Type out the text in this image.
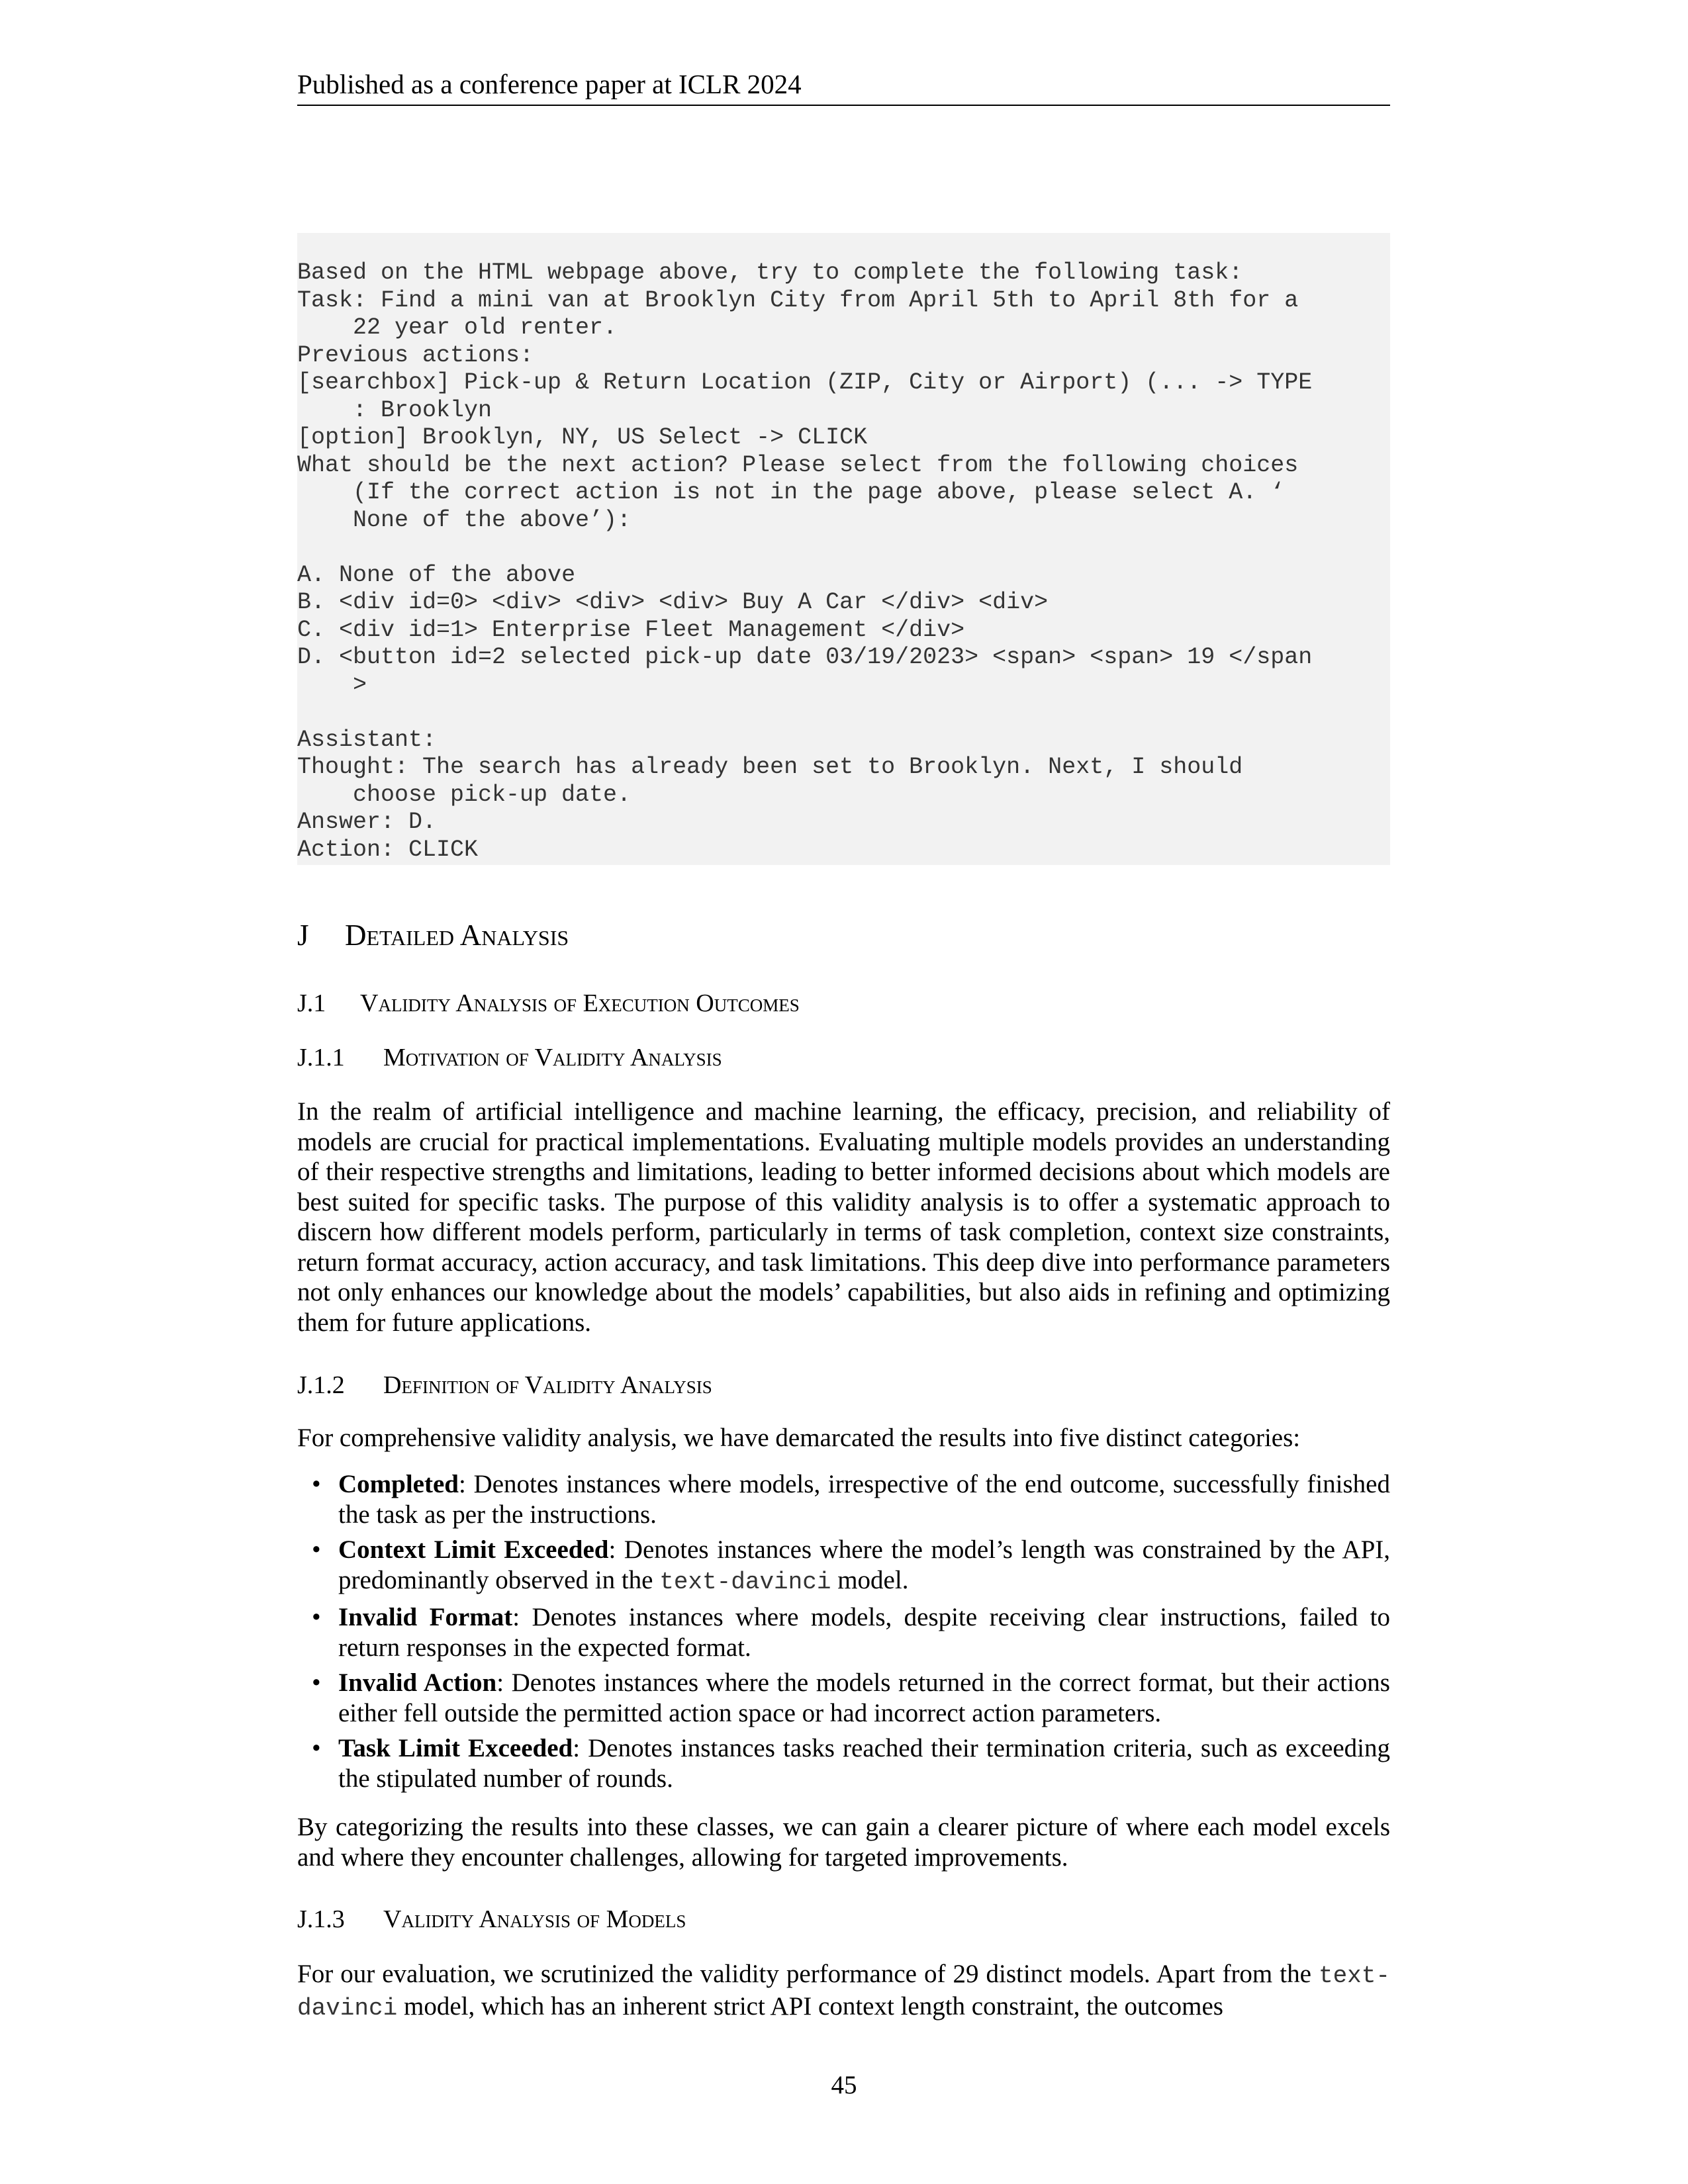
Published as a conference paper at ICLR 2024
Based on the HTML webpage above, try to complete the following task:
Task: Find a mini van at Brooklyn City from April 5th to April 8th for a
22 year old renter.
Previous actions:
[searchbox] Pick-up & Return Location (ZIP, City or Airport) (... -> TYPE
: Brooklyn
[option] Brooklyn, NY, US Select -> CLICK
What should be the next action? Please select from the following choices
(If the correct action is not in the page above, please select A. ‘
None of the above’):
A. None of the above
B. <div id=0> <div> <div> <div> Buy A Car </div> <div>
C. <div id=1> Enterprise Fleet Management </div>
D. <button id=2 selected pick-up date 03/19/2023> <span> <span> 19 </span
>
Assistant:
Thought: The search has already been set to Brooklyn. Next, I should
choose pick-up date.
Answer: D.
Action: CLICK
J Detailed Analysis
J.1 Validity Analysis of Execution Outcomes
J.1.1 Motivation of Validity Analysis
In the realm of artificial intelligence and machine learning, the efficacy, precision, and reliability of models are crucial for practical implementations. Evaluating multiple models provides an understanding of their respective strengths and limitations, leading to better informed decisions about which models are best suited for specific tasks. The purpose of this validity analysis is to offer a systematic approach to discern how different models perform, particularly in terms of task completion, context size constraints, return format accuracy, action accuracy, and task limitations. This deep dive into performance parameters not only enhances our knowledge about the models’ capabilities, but also aids in refining and optimizing them for future applications.
J.1.2 Definition of Validity Analysis
For comprehensive validity analysis, we have demarcated the results into five distinct categories:
• Completed: Denotes instances where models, irrespective of the end outcome, successfully finished the task as per the instructions.
• Context Limit Exceeded: Denotes instances where the model’s length was constrained by the API, predominantly observed in the text-davinci model.
• Invalid Format: Denotes instances where models, despite receiving clear instructions, failed to return responses in the expected format.
• Invalid Action: Denotes instances where the models returned in the correct format, but their actions either fell outside the permitted action space or had incorrect action parameters.
• Task Limit Exceeded: Denotes instances tasks reached their termination criteria, such as exceeding the stipulated number of rounds.
By categorizing the results into these classes, we can gain a clearer picture of where each model excels and where they encounter challenges, allowing for targeted improvements.
J.1.3 Validity Analysis of Models
For our evaluation, we scrutinized the validity performance of 29 distinct models. Apart from the text-davinci model, which has an inherent strict API context length constraint, the outcomes
45
